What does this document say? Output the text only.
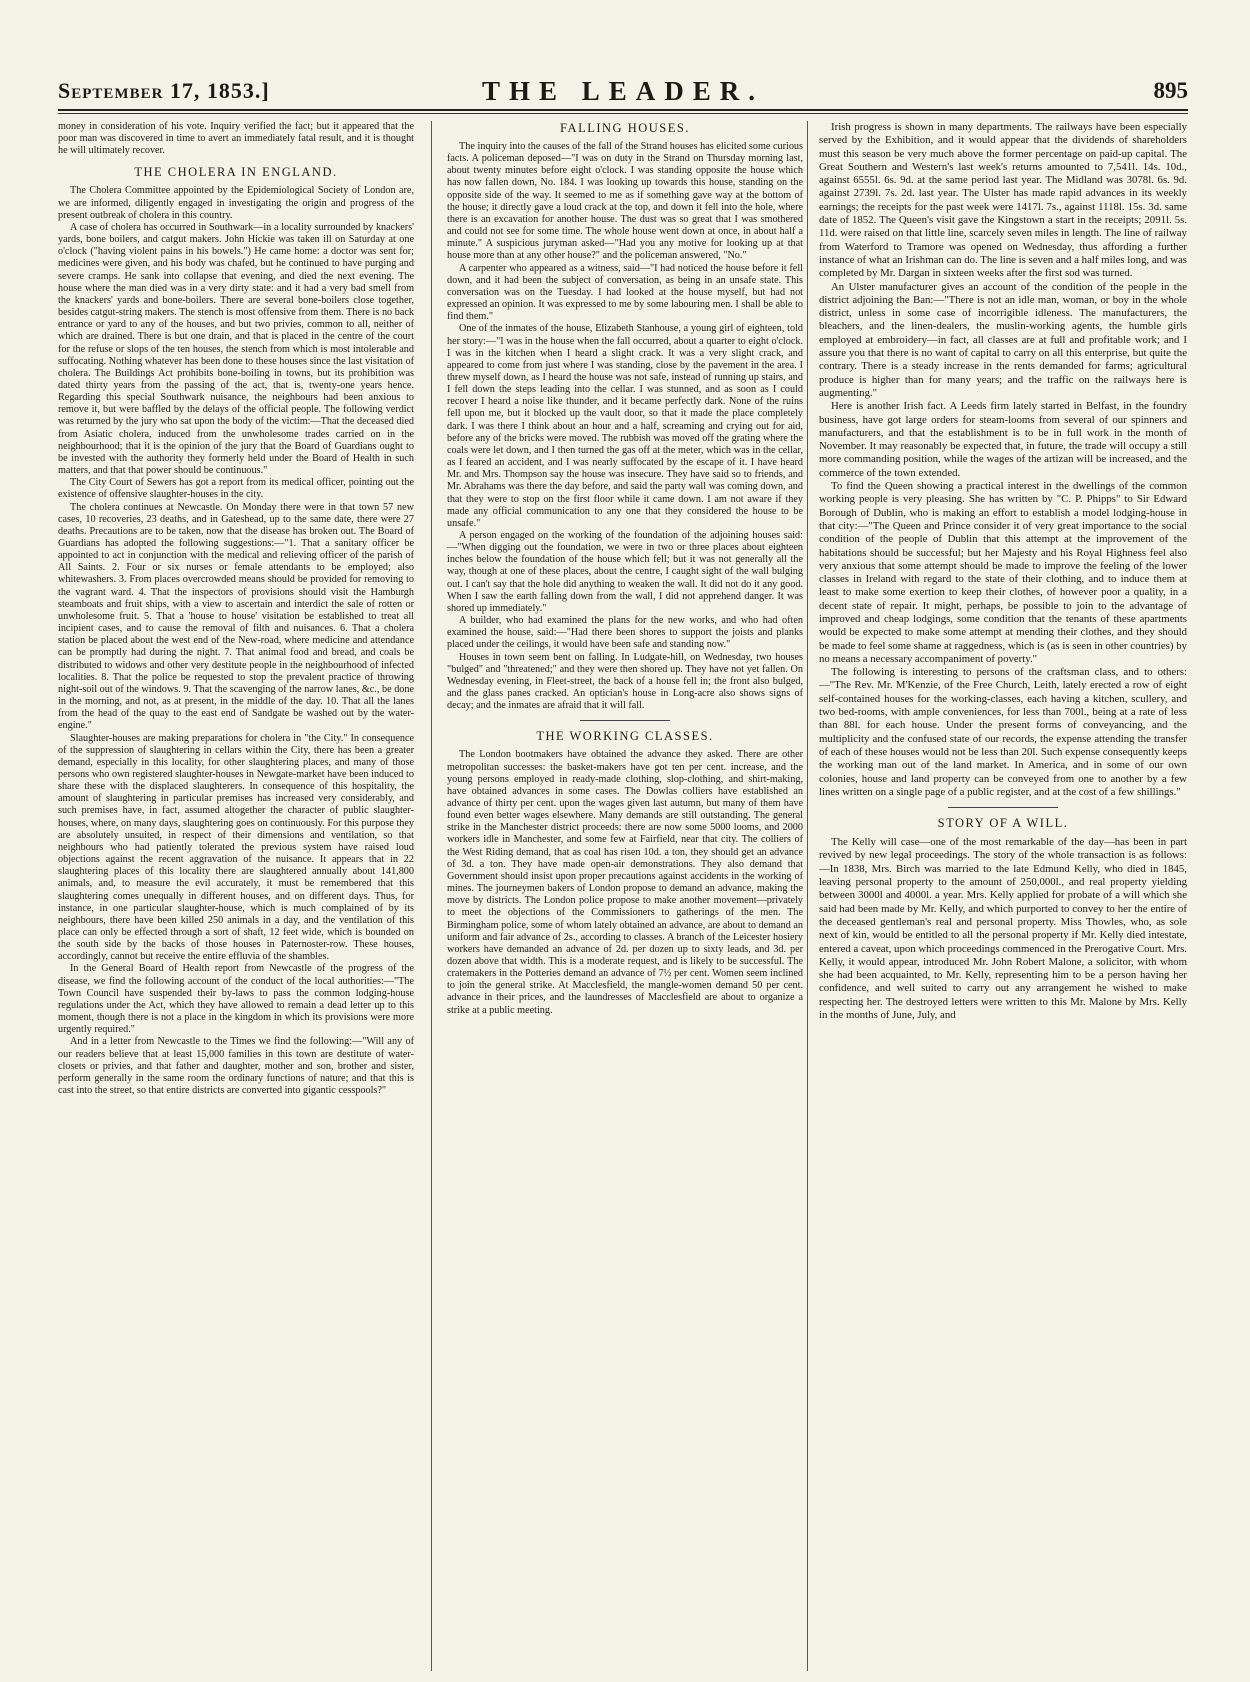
September 17, 1853.]	THE LEADER.	895

money in consideration of his vote. Inquiry verified the fact; but it appeared that the poor man was discovered in time to avert an immediately fatal result, and it is thought he will ultimately recover.

THE CHOLERA IN ENGLAND.

The Cholera Committee appointed by the Epidemiological Society of London are, we are informed, diligently engaged in investigating the origin and progress of the present outbreak of cholera in this country.

A case of cholera has occurred in Southwark—in a locality surrounded by knackers' yards, bone boilers, and catgut makers. John Hickie was taken ill on Saturday at one o'clock ("having violent pains in his bowels.") He came home: a doctor was sent for; medicines were given, and his body was chafed, but he continued to have purging and severe cramps. He sank into collapse that evening, and died the next evening. The house where the man died was in a very dirty state: and it had a very bad smell from the knackers' yards and bone-boilers. There are several bone-boilers close together, besides catgut-string makers. The stench is most offensive from them. There is no back entrance or yard to any of the houses, and but two privies, common to all, neither of which are drained. There is but one drain, and that is placed in the centre of the court for the refuse or slops of the ten houses, the stench from which is most intolerable and suffocating. Nothing whatever has been done to these houses since the last visitation of cholera. The Buildings Act prohibits bone-boiling in towns, but its prohibition was dated thirty years from the passing of the act, that is, twenty-one years hence. Regarding this special Southwark nuisance, the neighbours had been anxious to remove it, but were baffled by the delays of the official people. The following verdict was returned by the jury who sat upon the body of the victim:—That the deceased died from Asiatic cholera, induced from the unwholesome trades carried on in the neighbourhood; that it is the opinion of the jury that the Board of Guardians ought to be invested with the authority they formerly held under the Board of Health in such matters, and that that power should be continuous."

The City Court of Sewers has got a report from its medical officer, pointing out the existence of offensive slaughter-houses in the city.

The cholera continues at Newcastle. On Monday there were in that town 57 new cases, 10 recoveries, 23 deaths, and in Gateshead, up to the same date, there were 27 deaths. Precautions are to be taken, now that the disease has broken out. The Board of Guardians has adopted the following suggestions:—"1. That a sanitary officer be appointed to act in conjunction with the medical and relieving officer of the parish of All Saints. 2. Four or six nurses or female attendants to be employed; also whitewashers. 3. From places overcrowded means should be provided for removing to the vagrant ward. 4. That the inspectors of provisions should visit the Hamburgh steamboats and fruit ships, with a view to ascertain and interdict the sale of rotten or unwholesome fruit. 5. That a 'house to house' visitation be established to treat all incipient cases, and to cause the removal of filth and nuisances. 6. That a cholera station be placed about the west end of the New-road, where medicine and attendance can be promptly had during the night. 7. That animal food and bread, and coals be distributed to widows and other very destitute people in the neighbourhood of infected localities. 8. That the police be requested to stop the prevalent practice of throwing night-soil out of the windows. 9. That the scavenging of the narrow lanes, &c., be done in the morning, and not, as at present, in the middle of the day. 10. That all the lanes from the head of the quay to the east end of Sandgate be washed out by the water-engine."

Slaughter-houses are making preparations for cholera in "the City." In consequence of the suppression of slaughtering in cellars within the City, there has been a greater demand, especially in this locality, for other slaughtering places, and many of those persons who own registered slaughter-houses in Newgate-market have been induced to share these with the displaced slaughterers. In consequence of this hospitality, the amount of slaughtering in particular premises has increased very considerably, and such premises have, in fact, assumed altogether the character of public slaughter-houses, where, on many days, slaughtering goes on continuously. For this purpose they are absolutely unsuited, in respect of their dimensions and ventilation, so that neighbours who had patiently tolerated the previous system have raised loud objections against the recent aggravation of the nuisance. It appears that in 22 slaughtering places of this locality there are slaughtered annually about 141,800 animals, and, to measure the evil accurately, it must be remembered that this slaughtering comes unequally in different houses, and on different days. Thus, for instance, in one particular slaughter-house, which is much complained of by its neighbours, there have been killed 250 animals in a day, and the ventilation of this place can only be effected through a sort of shaft, 12 feet wide, which is bounded on the south side by the backs of those houses in Paternoster-row. These houses, accordingly, cannot but receive the entire effluvia of the shambles.

In the General Board of Health report from Newcastle of the progress of the disease, we find the following account of the conduct of the local authorities:—"The Town Council have suspended their by-laws to pass the common lodging-house regulations under the Act, which they have allowed to remain a dead letter up to this moment, though there is not a place in the kingdom in which its provisions were more urgently required."

And in a letter from Newcastle to the Times we find the following:—"Will any of our readers believe that at least 15,000 families in this town are destitute of water-closets or privies, and that father and daughter, mother and son, brother and sister, perform generally in the same room the ordinary functions of nature; and that this is cast into the street, so that entire districts are converted into gigantic cesspools?"

FALLING HOUSES.

The inquiry into the causes of the fall of the Strand houses has elicited some curious facts. A policeman deposed—"I was on duty in the Strand on Thursday morning last, about twenty minutes before eight o'clock. I was standing opposite the house which has now fallen down, No. 184. I was looking up towards this house, standing on the opposite side of the way. It seemed to me as if something gave way at the bottom of the house; it directly gave a loud crack at the top, and down it fell into the hole, where there is an excavation for another house. The dust was so great that I was smothered and could not see for some time. The whole house went down at once, in about half a minute." A suspicious juryman asked—"Had you any motive for looking up at that house more than at any other house?" and the policeman answered, "No."

A carpenter who appeared as a witness, said—"I had noticed the house before it fell down, and it had been the subject of conversation, as being in an unsafe state. This conversation was on the Tuesday. I had looked at the house myself, but had not expressed an opinion. It was expressed to me by some labouring men. I shall be able to find them."

One of the inmates of the house, Elizabeth Stanhouse, a young girl of eighteen, told her story:—"I was in the house when the fall occurred, about a quarter to eight o'clock. I was in the kitchen when I heard a slight crack. It was a very slight crack, and appeared to come from just where I was standing, close by the pavement in the area. I threw myself down, as I heard the house was not safe, instead of running up stairs, and I fell down the steps leading into the cellar. I was stunned, and as soon as I could recover I heard a noise like thunder, and it became perfectly dark. None of the ruins fell upon me, but it blocked up the vault door, so that it made the place completely dark. I was there I think about an hour and a half, screaming and crying out for aid, before any of the bricks were moved. The rubbish was moved off the grating where the coals were let down, and I then turned the gas off at the meter, which was in the cellar, as I feared an accident, and I was nearly suffocated by the escape of it. I have heard Mr. and Mrs. Thompson say the house was insecure. They have said so to friends, and Mr. Abrahams was there the day before, and said the party wall was coming down, and that they were to stop on the first floor while it came down. I am not aware if they made any official communication to any one that they considered the house to be unsafe."

A person engaged on the working of the foundation of the adjoining houses said:—"When digging out the foundation, we were in two or three places about eighteen inches below the foundation of the house which fell; but it was not generally all the way, though at one of these places, about the centre, I caught sight of the wall bulging out. I can't say that the hole did anything to weaken the wall. It did not do it any good. When I saw the earth falling down from the wall, I did not apprehend danger. It was shored up immediately."

A builder, who had examined the plans for the new works, and who had often examined the house, said:—"Had there been shores to support the joists and planks placed under the ceilings, it would have been safe and standing now."

Houses in town seem bent on falling. In Ludgate-hill, on Wednesday, two houses "bulged" and "threatened;" and they were then shored up. They have not yet fallen. On Wednesday evening, in Fleet-street, the back of a house fell in; the front also bulged, and the glass panes cracked. An optician's house in Long-acre also shows signs of decay; and the inmates are afraid that it will fall.

THE WORKING CLASSES.

The London bootmakers have obtained the advance they asked. There are other metropolitan successes: the basket-makers have got ten per cent. increase, and the young persons employed in ready-made clothing, slop-clothing, and shirt-making, have obtained advances in some cases. The Dowlas colliers have established an advance of thirty per cent. upon the wages given last autumn, but many of them have found even better wages elsewhere. Many demands are still outstanding. The general strike in the Manchester district proceeds: there are now some 5000 looms, and 2000 workers idle in Manchester, and some few at Fairfield, near that city. The colliers of the West Riding demand, that as coal has risen 10d. a ton, they should get an advance of 3d. a ton. They have made open-air demonstrations. They also demand that Government should insist upon proper precautions against accidents in the working of mines. The journeymen bakers of London propose to demand an advance, making the move by districts. The London police propose to make another movement—privately to meet the objections of the Commissioners to gatherings of the men. The Birmingham police, some of whom lately obtained an advance, are about to demand an uniform and fair advance of 2s., according to classes. A branch of the Leicester hosiery workers have demanded an advance of 2d. per dozen up to sixty leads, and 3d. per dozen above that width. This is a moderate request, and is likely to be successful. The cratemakers in the Potteries demand an advance of 7½ per cent. Women seem inclined to join the general strike. At Macclesfield, the mangle-women demand 50 per cent. advance in their prices, and the laundresses of Macclesfield are about to organize a strike at a public meeting.

Irish progress is shown in many departments. The railways have been especially served by the Exhibition, and it would appear that the dividends of shareholders must this season be very much above the former percentage on paid-up capital. The Great Southern and Western's last week's returns amounted to 7,541l. 14s. 10d., against 6555l. 6s. 9d. at the same period last year. The Midland was 3078l. 6s. 9d. against 2739l. 7s. 2d. last year. The Ulster has made rapid advances in its weekly earnings; the receipts for the past week were 1417l. 7s., against 1118l. 15s. 3d. same date of 1852. The Queen's visit gave the Kingstown a start in the receipts; 2091l. 5s. 11d. were raised on that little line, scarcely seven miles in length. The line of railway from Waterford to Tramore was opened on Wednesday, thus affording a further instance of what an Irishman can do. The line is seven and a half miles long, and was completed by Mr. Dargan in sixteen weeks after the first sod was turned.

An Ulster manufacturer gives an account of the condition of the people in the district adjoining the Ban:—"There is not an idle man, woman, or boy in the whole district, unless in some case of incorrigible idleness. The manufacturers, the bleachers, and the linen-dealers, the muslin-working agents, the humble girls employed at embroidery—in fact, all classes are at full and profitable work; and I assure you that there is no want of capital to carry on all this enterprise, but quite the contrary. There is a steady increase in the rents demanded for farms; agricultural produce is higher than for many years; and the traffic on the railways here is augmenting."

Here is another Irish fact. A Leeds firm lately started in Belfast, in the foundry business, have got large orders for steam-looms from several of our spinners and manufacturers, and that the establishment is to be in full work in the month of November. It may reasonably be expected that, in future, the trade will occupy a still more commanding position, while the wages of the artizan will be increased, and the commerce of the town extended.

To find the Queen showing a practical interest in the dwellings of the common working people is very pleasing. She has written by "C. P. Phipps" to Sir Edward Borough of Dublin, who is making an effort to establish a model lodging-house in that city:—"The Queen and Prince consider it of very great importance to the social condition of the people of Dublin that this attempt at the improvement of the habitations should be successful; but her Majesty and his Royal Highness feel also very anxious that some attempt should be made to improve the feeling of the lower classes in Ireland with regard to the state of their clothing, and to induce them at least to make some exertion to keep their clothes, of however poor a quality, in a decent state of repair. It might, perhaps, be possible to join to the advantage of improved and cheap lodgings, some condition that the tenants of these apartments would be expected to make some attempt at mending their clothes, and they should be made to feel some shame at raggedness, which is (as is seen in other countries) by no means a necessary accompaniment of poverty."

The following is interesting to persons of the craftsman class, and to others:—"The Rev. Mr. M'Kenzie, of the Free Church, Leith, lately erected a row of eight self-contained houses for the working-classes, each having a kitchen, scullery, and two bed-rooms, with ample conveniences, for less than 700l., being at a rate of less than 88l. for each house. Under the present forms of conveyancing, and the multiplicity and the confused state of our records, the expense attending the transfer of each of these houses would not be less than 20l. Such expense consequently keeps the working man out of the land market. In America, and in some of our own colonies, house and land property can be conveyed from one to another by a few lines written on a single page of a public register, and at the cost of a few shillings."

STORY OF A WILL.

The Kelly will case—one of the most remarkable of the day—has been in part revived by new legal proceedings. The story of the whole transaction is as follows:—In 1838, Mrs. Birch was married to the late Edmund Kelly, who died in 1845, leaving personal property to the amount of 250,000l., and real property yielding between 3000l and 4000l. a year. Mrs. Kelly applied for probate of a will which she said had been made by Mr. Kelly, and which purported to convey to her the entire of the deceased gentleman's real and personal property. Miss Thowles, who, as sole next of kin, would be entitled to all the personal property if Mr. Kelly died intestate, entered a caveat, upon which proceedings commenced in the Prerogative Court. Mrs. Kelly, it would appear, introduced Mr. John Robert Malone, a solicitor, with whom she had been acquainted, to Mr. Kelly, representing him to be a person having her confidence, and well suited to carry out any arrangement he wished to make respecting her. The destroyed letters were written to this Mr. Malone by Mrs. Kelly in the months of June, July, and
